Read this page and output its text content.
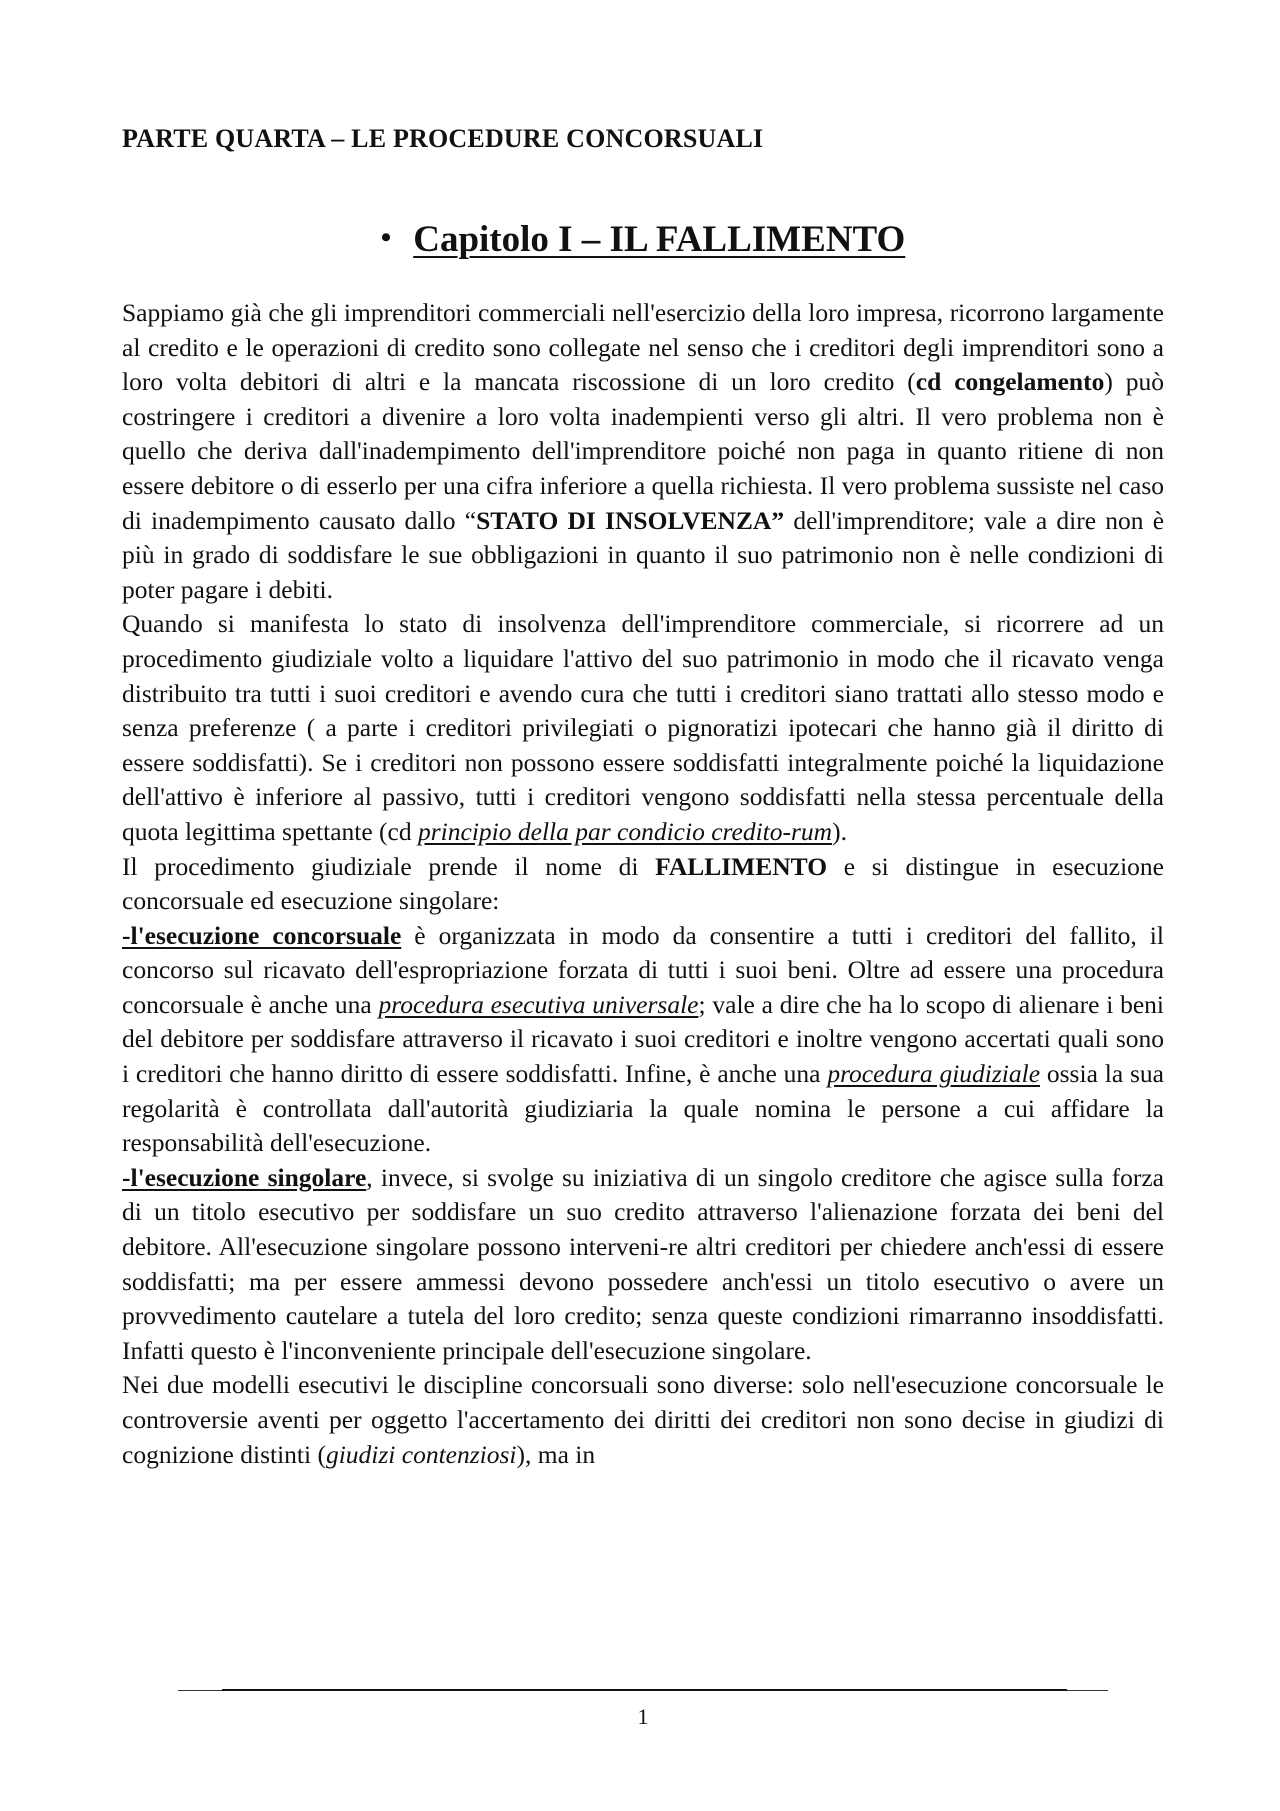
PARTE QUARTA – LE PROCEDURE CONCORSUALI
• Capitolo I – IL FALLIMENTO

Sappiamo già che gli imprenditori commerciali nell'esercizio della loro impresa, ricorrono largamente al credito e le operazioni di credito sono collegate nel senso che i creditori degli imprenditori sono a loro volta debitori di altri e la mancata riscossione di un loro credito (cd congelamento) può costringere i creditori a divenire a loro volta inadempienti verso gli altri. Il vero problema non è quello che deriva dall'inadempimento dell'imprenditore poiché non paga in quanto ritiene di non essere debitore o di esserlo per una cifra inferiore a quella richiesta. Il vero problema sussiste nel caso di inadempimento causato dallo “STATO DI INSOLVENZA” dell'imprenditore; vale a dire non è più in grado di soddisfare le sue obbligazioni in quanto il suo patrimonio non è nelle condizioni di poter pagare i debiti.

Quando si manifesta lo stato di insolvenza dell'imprenditore commerciale, si ricorrere ad un procedimento giudiziale volto a liquidare l'attivo del suo patrimonio in modo che il ricavato venga distribuito tra tutti i suoi creditori e avendo cura che tutti i creditori siano trattati allo stesso modo e senza preferenze ( a parte i creditori privilegiati o pignoratizi ipotecari che hanno già il diritto di essere soddisfatti). Se i creditori non possono essere soddisfatti integralmente poiché la liquidazione dell'attivo è inferiore al passivo, tutti i creditori vengono soddisfatti nella stessa percentuale della quota legittima spettante (cd principio della par condicio credito-rum).

Il procedimento giudiziale prende il nome di FALLIMENTO e si distingue in esecuzione concorsuale ed esecuzione singolare:

-l'esecuzione concorsuale è organizzata in modo da consentire a tutti i creditori del fallito, il concorso sul ricavato dell'espropriazione forzata di tutti i suoi beni. Oltre ad essere una procedura concorsuale è anche una procedura esecutiva universale; vale a dire che ha lo scopo di alienare i beni del debitore per soddisfare attraverso il ricavato i suoi creditori e inoltre vengono accertati quali sono i creditori che hanno diritto di essere soddisfatti. Infine, è anche una procedura giudiziale ossia la sua regolarità è controllata dall'autorità giudiziaria la quale nomina le persone a cui affidare la responsabilità dell'esecuzione.

-l'esecuzione singolare, invece, si svolge su iniziativa di un singolo creditore che agisce sulla forza di un titolo esecutivo per soddisfare un suo credito attraverso l'alienazione forzata dei beni del debitore. All'esecuzione singolare possono interveni-re altri creditori per chiedere anch'essi di essere soddisfatti; ma per essere ammessi devono possedere anch'essi un titolo esecutivo o avere un provvedimento cautelare a tutela del loro credito; senza queste condizioni rimarranno insoddisfatti. Infatti questo è l'inconveniente principale dell'esecuzione singolare.

Nei due modelli esecutivi le discipline concorsuali sono diverse: solo nell'esecuzione concorsuale le controversie aventi per oggetto l'accertamento dei diritti dei creditori non sono decise in giudizi di cognizione distinti (giudizi contenziosi), ma in

1
